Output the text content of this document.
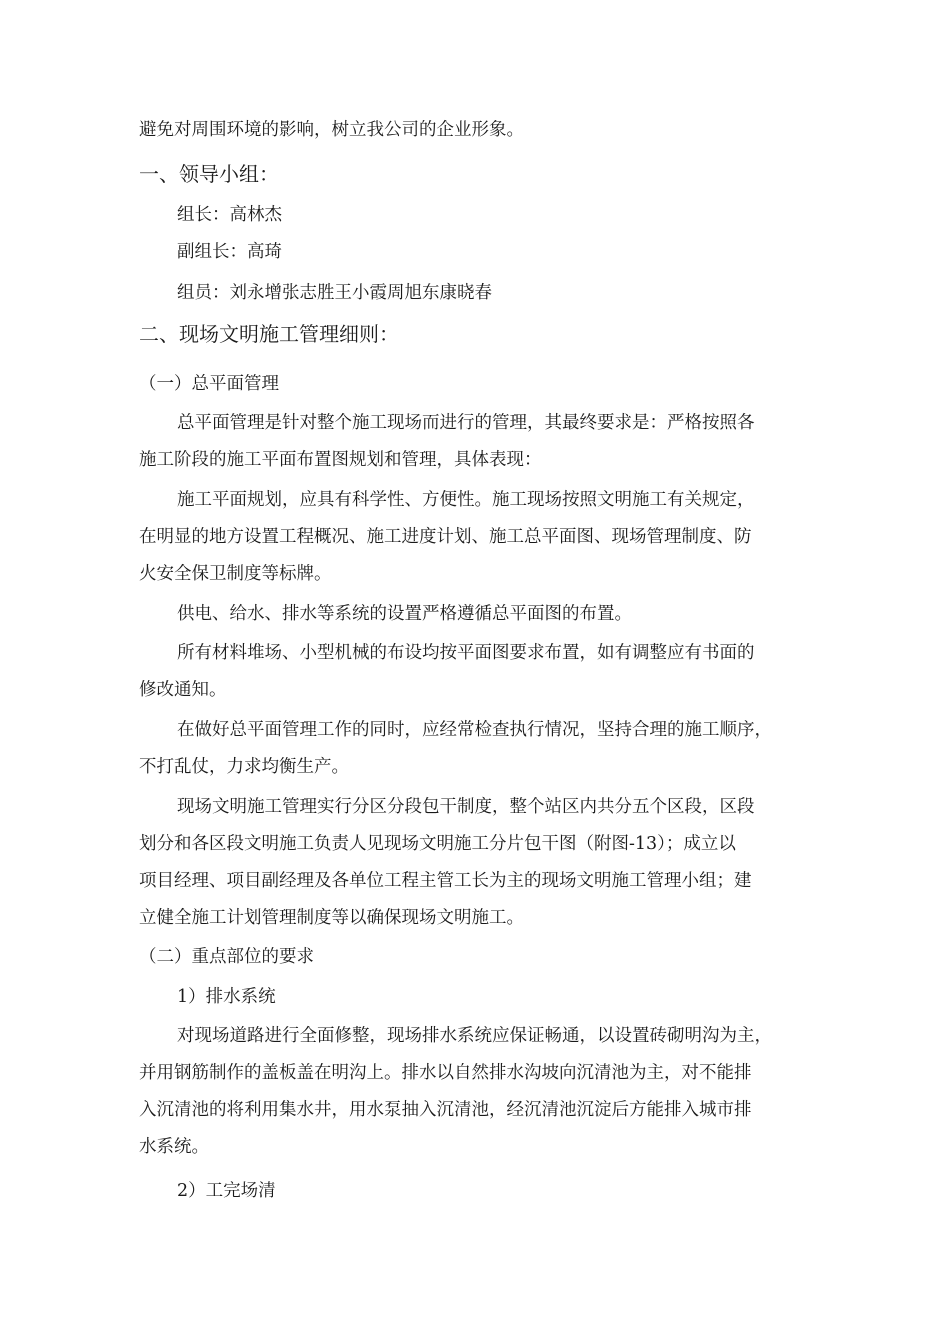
避免对周围环境的影响，树立我公司的企业形象。
一、领导小组：
组长：高林杰
副组长：高琦
组员：刘永增张志胜王小霞周旭东康晓春
二、现场文明施工管理细则：
（一）总平面管理
总平面管理是针对整个施工现场而进行的管理，其最终要求是：严格按照各
施工阶段的施工平面布置图规划和管理，具体表现：
施工平面规划，应具有科学性、方便性。施工现场按照文明施工有关规定，
在明显的地方设置工程概况、施工进度计划、施工总平面图、现场管理制度、防
火安全保卫制度等标牌。
供电、给水、排水等系统的设置严格遵循总平面图的布置。
所有材料堆场、小型机械的布设均按平面图要求布置，如有调整应有书面的
修改通知。
在做好总平面管理工作的同时，应经常检查执行情况，坚持合理的施工顺序，
不打乱仗，力求均衡生产。
现场文明施工管理实行分区分段包干制度，整个站区内共分五个区段，区段
划分和各区段文明施工负责人见现场文明施工分片包干图（附图-13）；成立以
项目经理、项目副经理及各单位工程主管工长为主的现场文明施工管理小组；建
立健全施工计划管理制度等以确保现场文明施工。
（二）重点部位的要求
1）排水系统
对现场道路进行全面修整，现场排水系统应保证畅通，以设置砖砌明沟为主，
并用钢筋制作的盖板盖在明沟上。排水以自然排水沟坡向沉清池为主，对不能排
入沉清池的将利用集水井，用水泵抽入沉清池，经沉清池沉淀后方能排入城市排
水系统。
2）工完场清
